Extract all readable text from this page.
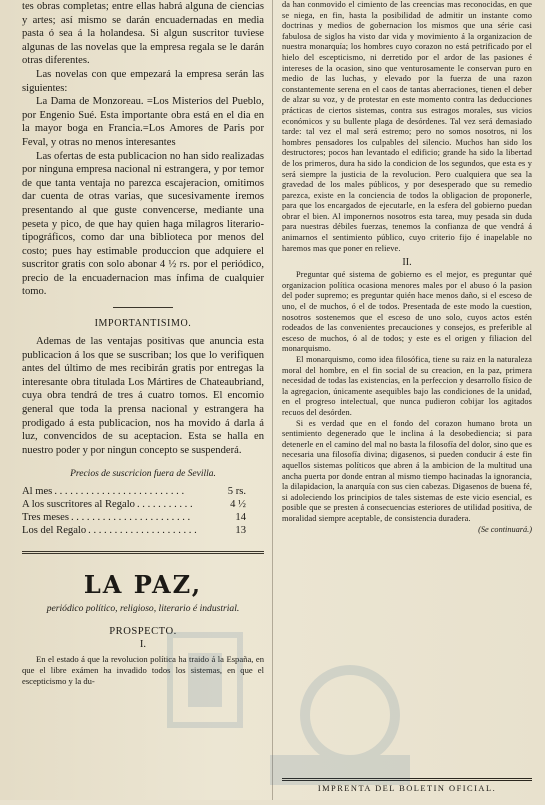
tes obras completas; entre ellas habrá alguna de ciencias y artes; así mismo se darán encuadernadas en media pasta ó sea á la holandesa. Si algun suscritor tuviese algunas de las novelas que la empresa regala se le darán otras diferentes.

Las novelas con que empezará la empresa serán las siguientes:

La Dama de Monzoreau. =Los Misterios del Pueblo, por Engenio Sué. Esta importante obra está en el dia en la mayor boga en Francia.=Los Amores de Paris por Feval, y otras no menos interesantes

Las ofertas de esta publicacion no han sido realizadas por ninguna empresa nacional ni estrangera, y por temor de que tanta ventaja no parezca escajeracion, omitimos dar cuenta de otras varias, que sucesivamente iremos presentando al que guste convencerse, mediante una peseta y pico, de que hay quien haga milagros literario-tipográficos, como dar una biblioteca por menos del costo; pues hay estimable produccion que adquiere el suscritor gratis con solo abonar 4 ½ rs. por el periódico, precio de la encuadernacion mas ínfima de cualquier tomo.

IMPORTANTISIMO.

Ademas de las ventajas positivas que anuncia esta publicacion á los que se suscriban; los que lo verifiquen antes del último de mes recibirán gratis por entregas la interesante obra titulada Los Mártires de Chateaubriand, cuya obra tendrá de tres á cuatro tomos. El encomio general que toda la prensa nacional y estrangera ha prodigado á esta publicacion, nos ha movido á darla á luz, convencidos de su aceptacion. Esta se halla en nuestro poder y por ningun concepto se suspenderá.

Precios de suscricion fuera de Sevilla.
Al mes . . . . . . . . . . . . . . . . . . . . . . . . .	5 rs.
A los suscritores al Regalo . . . . . . . . . . .	4 ½
Tres meses . . . . . . . . . . . . . . . . . . . . . . .	14
Los del Regalo . . . . . . . . . . . . . . . . . . . . .	13
LA PAZ,
periódico político, religioso, literario é industrial.
PROSPECTO.
I.

En el estado á que la revolucion política ha traido á la España, en que el libre exámen ha invadido todos los sistemas, en que el escepticismo y la du-

da han conmovido el cimiento de las creencias mas reconocidas, en que se niega, en fin, hasta la posibilidad de admitir un instante como doctrinas y medios de gobernacion los mismos que una série casi fabulosa de siglos ha visto dar vida y movimiento á la organizacion de nuestra monarquía; los hombres cuyo corazon no está petrificado por el hielo del escepticismo, ni derretido por el ardor de las pasiones é intereses de la ocasion, sino que venturosamente le conservan puro en medio de las luchas, y elevado por la fuerza de una razon constantemente serena en el caos de tantas aberraciones, tienen el deber de alzar su voz, y de protestar en este momento contra las deducciones prácticas de ciertos sistemas, contra sus estragos morales, sus vicios económicos y su bullente plaga de desórdenes. Tal vez será demasiado tarde: tal vez el mal será estremo; pero no somos nosotros, ni los hombres pensadores los culpables del silencio. Muchos han sido los destructores; pocos han levantado el edificio; grande ha sido la libertad de los primeros, dura ha sido la condicion de los segundos, que esta es y será siempre la justicia de la revolucion. Pero cualquiera que sea la gravedad de los males públicos, y por desesperado que su remedio parezca, existe en la conciencia de todos la obligacion de proponerle, para que los encargados de ejecutarle, en la esfera del gobierno puedan obrar el bien. Al imponernos nosotros esta tarea, muy pesada sin duda para nuestras débiles fuerzas, tenemos la confianza de que vendrá á animarnos el sentimiento público, cuyo criterio fijo é inapelable no haremos mas que poner en relieve.

II.

Preguntar qué sistema de gobierno es el mejor, es preguntar qué organizacion política ocasiona menores males por el abuso ó la pasion del poder supremo; es preguntar quién hace menos daño, si el esceso de uno, el de muchos, ó el de todos. Presentada de este modo la cuestion, nosotros sostenemos que el esceso de uno solo, cuyos actos estén rodeados de las convenientes precauciones y consejos, es preferible al esceso de muchos, ó al de todos; y este es el origen y filiacion del monarquismo.

El monarquismo, como idea filosófica, tiene su raiz en la naturaleza moral del hombre, en el fin social de su creacion, en la paz, primera necesidad de todas las existencias, en la perfeccion y desarrollo físico de la agregacion, únicamente asequibles bajo las condiciones de la unidad, en el progreso intelectual, que nunca pudieron cobijar los agitados recuos del desórden.

Si es verdad que en el fondo del corazon humano brota un sentimiento degenerado que le inclina á la desobediencia; si para detenerle en el camino del mal no basta la filosofía del dolor, sino que es necesaria una filosofía divina; digasenos, si pueden conducir á este fin aquellos sistemas políticos que abren á la ambicion de la multitud una ancha puerta por donde entran al mismo tiempo hacinadas la ignorancia, la dilapidacion, la anarquía con sus cien cabezas. Digasenos de buena fé, si adoleciendo los principios de tales sistemas de este vicio esencial, es posible que se presten á consecuencias esteriores de utilidad positiva, de moralidad siempre aceptable, de consistencia duradera.

(Se continuará.)
IMPRENTA DEL BOLETIN OFICIAL.
